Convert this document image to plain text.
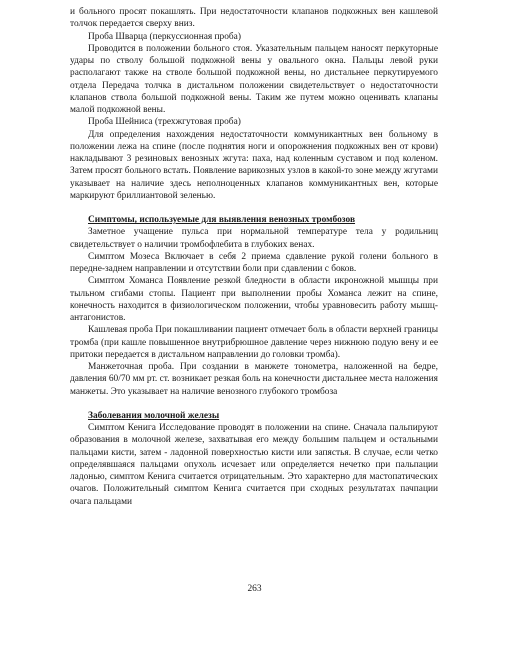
и больного просят покашлять. При недостаточности клапанов подкожных вен кашлевой толчок передается сверху вниз.

Проба Шварца (перкуссионная проба)

Проводится в положении больного стоя. Указательным пальцем наносят перкуторные удары по стволу большой подкожной вены у овального окна. Пальцы левой руки располагают также на стволе большой подкожной вены, но дистальнее перкутируемого отдела Передача толчка в дистальном положении свидетельствует о недостаточности клапанов ствола большой подкожной вены. Таким же путем можно оценивать клапаны малой подкожной вены.

Проба Шейниса (трехжгутовая проба)

Для определения нахождения недостаточности коммуникантных вен больному в положении лежа на спине (после поднятия ноги и опорожнения подкожных вен от крови) накладывают 3 резиновых венозных жгута: паха, над коленным суставом и под коленом. Затем просят больного встать. Появление варикозных узлов в какой-то зоне между жгутами указывает на наличие здесь неполноценных клапанов коммуникантных вен, которые маркируют бриллиантовой зеленью.

Симптомы, используемые для выявления венозных тромбозов

Заметное учащение пульса при нормальной температуре тела у родильниц свидетельствует о наличии тромбофлебита в глубоких венах.

Симптом Мозеса Включает в себя 2 приема сдавление рукой голени больного в передне-заднем направлении и отсутствии боли при сдавлении с боков.

Симптом Хоманса Появление резкой бледности в области икроножной мышцы при тыльном сгибами стопы. Пациент при выполнении пробы Хоманса лежит на спине, конечность находится в физиологическом положении, чтобы уравновесить работу мышц-антагонистов.

Кашлевая проба При покашливании пациент отмечает боль в области верхней границы тромба (при кашле повышенное внутрибрюшное давление через нижнюю подую вену и ее притоки передается в дистальном направлении до головки тромба).

Манжеточная проба. При создании в манжете тонометра, наложенной на бедре, давления 60/70 мм рт. ст. возникает резкая боль на конечности дистальнее места наложения манжеты. Это указывает на наличие венозного глубокого тромбоза

Заболевания молочной железы

Симптом Кенига Исследование проводят в положении на спине. Сначала пальпируют образования в молочной железе, захватывая его между большим пальцем и остальными пальцами кисти, затем - ладонной поверхностью кисти или запястья. В случае, если четко определявшаяся пальцами опухоль исчезает или определяется нечетко при пальпации ладонью, симптом Кенига считается отрицательным. Это характерно для мастопатических очагов. Положительный симптом Кенига считается при сходных результатах пачпации очага пальцами

263
